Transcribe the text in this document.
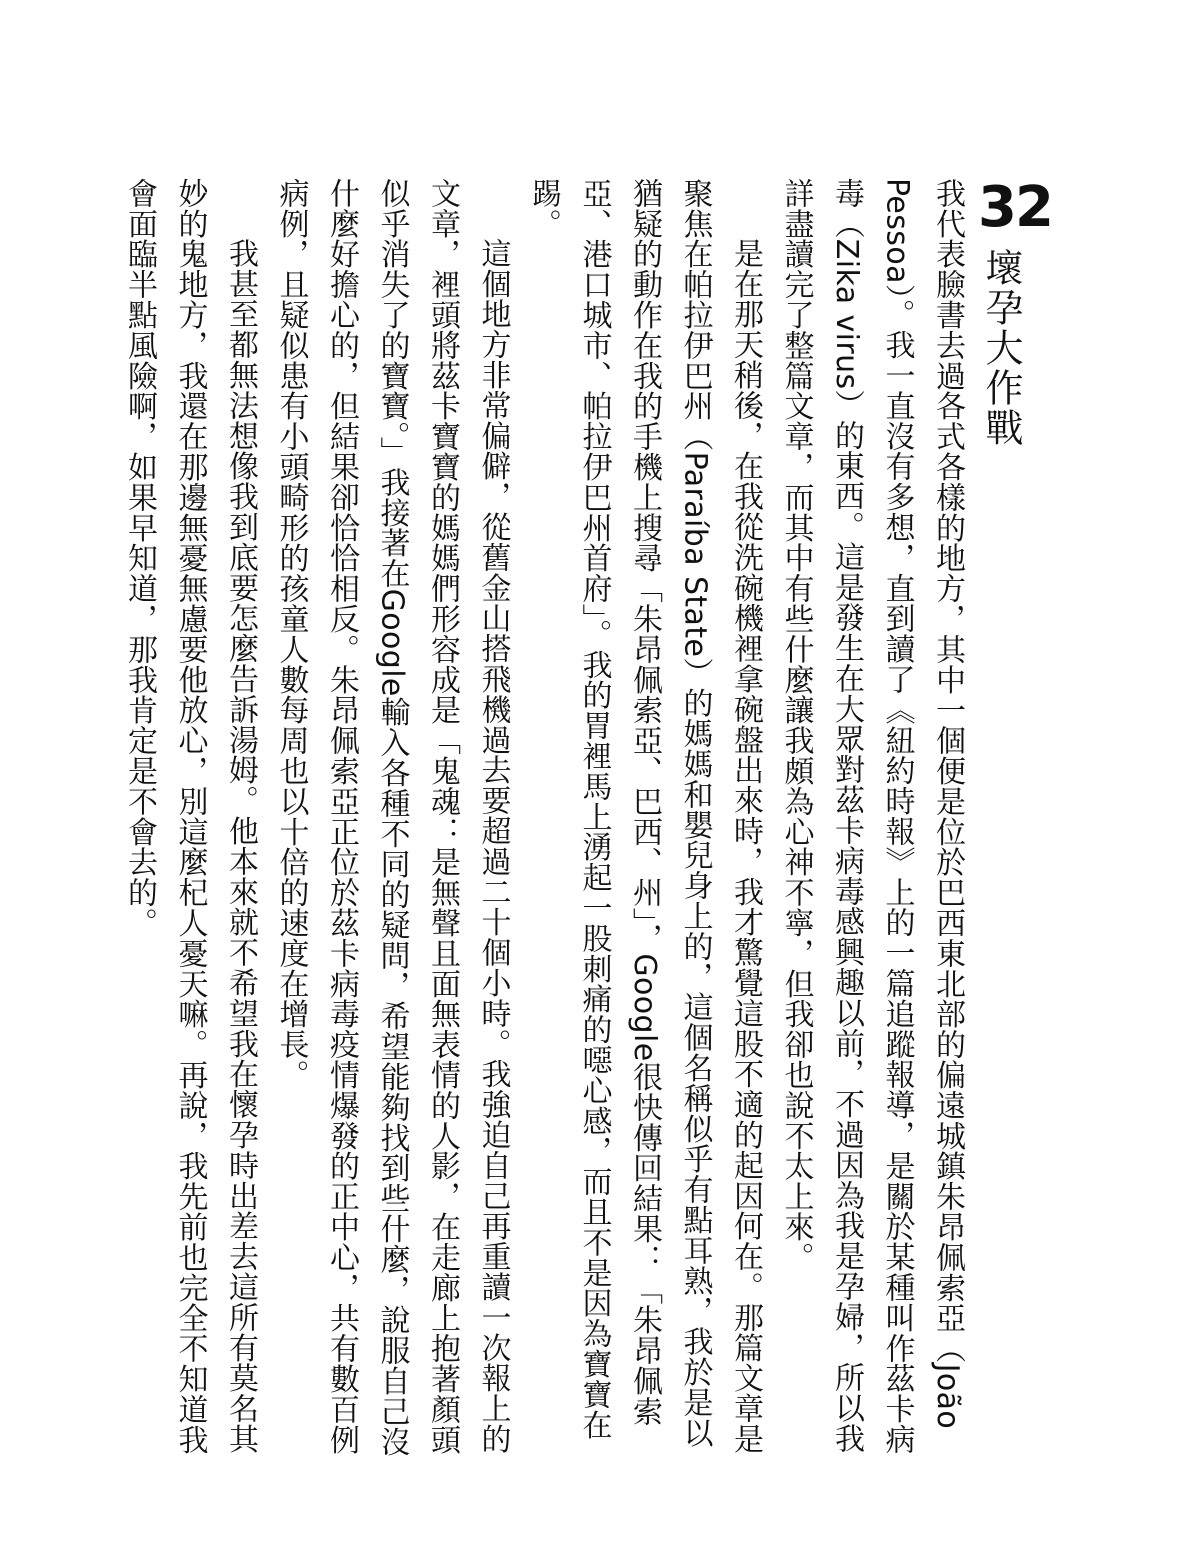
32
壞孕大作戰

我代表臉書去過各式各樣的地方，其中一個便是位於巴西東北部的偏遠城鎮朱昂佩索亞（João Pessoa）。我一直沒有多想，直到讀了《紐約時報》上的一篇追蹤報導，是關於某種叫作茲卡病毒（Zika virus）的東西。這是發生在大眾對茲卡病毒感興趣以前，不過因為我是孕婦，所以我詳盡讀完了整篇文章，而其中有些什麼讓我頗為心神不寧，但我卻也說不太上來。

是在那天稍後，在我從洗碗機裡拿碗盤出來時，我才驚覺這股不適的起因何在。那篇文章是聚焦在帕拉伊巴州（Paraíba State）的媽媽和嬰兒身上的，這個名稱似乎有點耳熟，我於是以猶疑的動作在我的手機上搜尋「朱昂佩索亞、巴西、州」，Google很快傳回結果：「朱昂佩索亞、港口城市、帕拉伊巴州首府」。我的胃裡馬上湧起一股刺痛的噁心感，而且不是因為寶寶在踢。

這個地方非常偏僻，從舊金山搭飛機過去要超過二十個小時。我強迫自己再重讀一次報上的文章，裡頭將茲卡寶寶的媽媽們形容成是「鬼魂：是無聲且面無表情的人影，在走廊上抱著顏頭似乎消失了的寶寶。」我接著在Google輸入各種不同的疑問，希望能夠找到些什麼，說服自己沒什麼好擔心的，但結果卻恰恰相反。朱昂佩索亞正位於茲卡病毒疫情爆發的正中心，共有數百例病例，且疑似患有小頭畸形的孩童人數每周也以十倍的速度在增長。

我甚至都無法想像我到底要怎麼告訴湯姆。他本來就不希望我在懷孕時出差去這所有莫名其妙的鬼地方，我還在那邊無憂無慮要他放心，別這麼杞人憂天嘛。再說，我先前也完全不知道我會面臨半點風險啊，如果早知道，那我肯定是不會去的。
